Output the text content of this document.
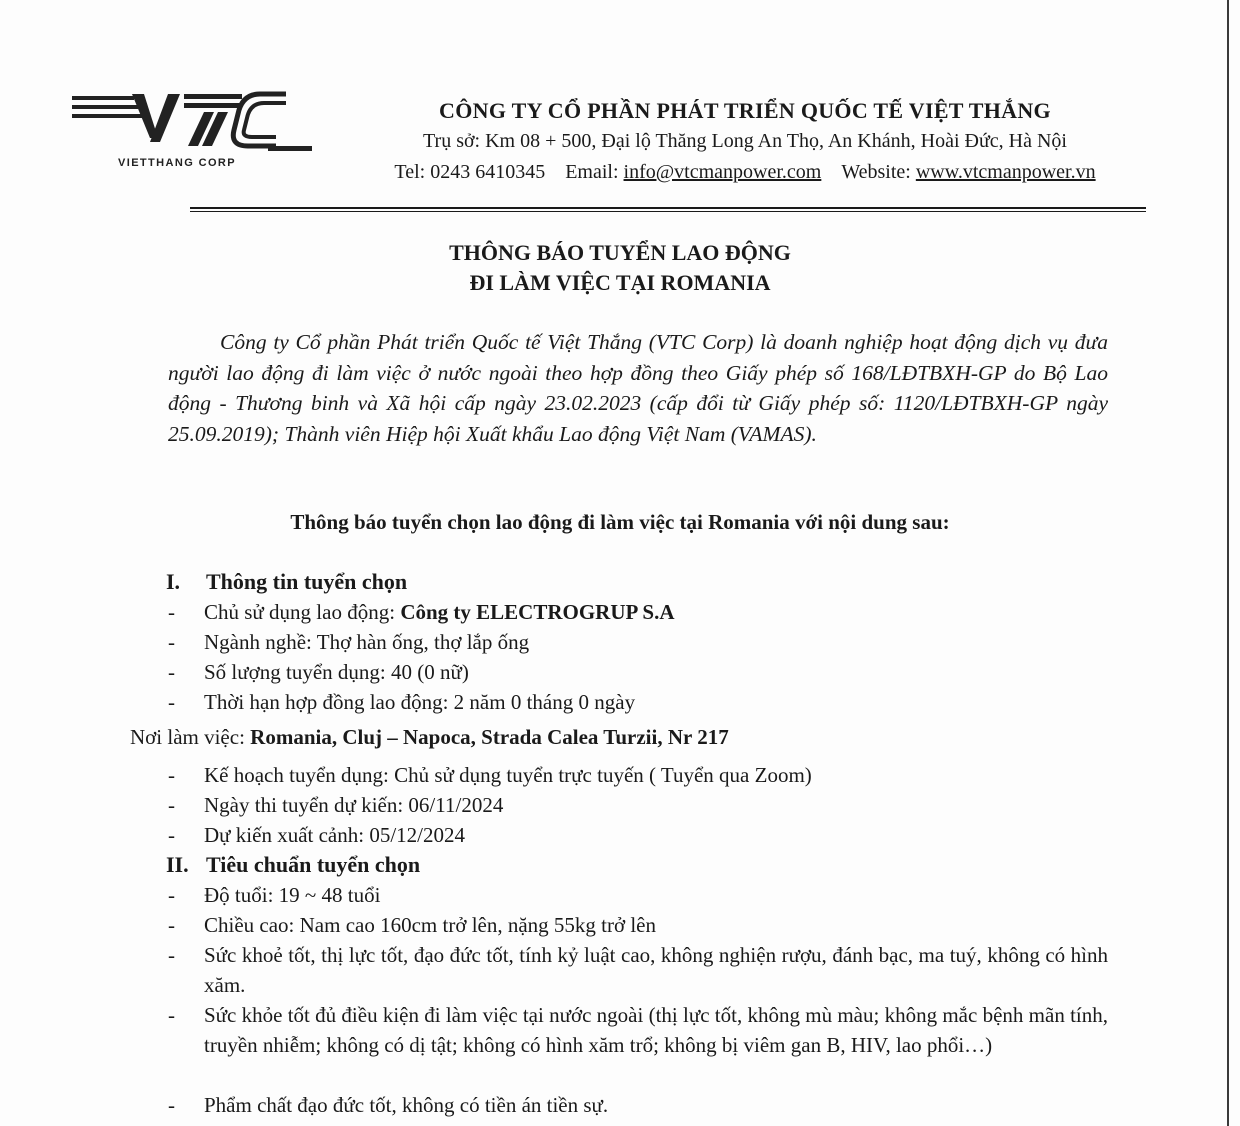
VIETTHANG CORP
CÔNG TY CỔ PHẦN PHÁT TRIỂN QUỐC TẾ VIỆT THẮNG
Trụ sở: Km 08 + 500, Đại lộ Thăng Long An Thọ, An Khánh, Hoài Đức, Hà Nội
Tel: 0243 6410345 Email: info@vtcmanpower.com Website: www.vtcmanpower.vn
THÔNG BÁO TUYỂN LAO ĐỘNG
ĐI LÀM VIỆC TẠI ROMANIA
Công ty Cổ phần Phát triển Quốc tế Việt Thắng (VTC Corp) là doanh nghiệp hoạt động dịch vụ đưa người lao động đi làm việc ở nước ngoài theo hợp đồng theo Giấy phép số 168/LĐTBXH-GP do Bộ Lao động - Thương binh và Xã hội cấp ngày 23.02.2023 (cấp đổi từ Giấy phép số: 1120/LĐTBXH-GP ngày 25.09.2019); Thành viên Hiệp hội Xuất khẩu Lao động Việt Nam (VAMAS).
Thông báo tuyển chọn lao động đi làm việc tại Romania với nội dung sau:
I. Thông tin tuyển chọn
-	Chủ sử dụng lao động: Công ty ELECTROGRUP S.A
-	Ngành nghề: Thợ hàn ống, thợ lắp ống
-	Số lượng tuyển dụng: 40 (0 nữ)
-	Thời hạn hợp đồng lao động: 2 năm 0 tháng 0 ngày
Nơi làm việc: Romania, Cluj – Napoca, Strada Calea Turzii, Nr 217
-	Kế hoạch tuyển dụng: Chủ sử dụng tuyển trực tuyến ( Tuyển qua Zoom)
-	Ngày thi tuyển dự kiến: 06/11/2024
-	Dự kiến xuất cảnh: 05/12/2024
II. Tiêu chuẩn tuyển chọn
-	Độ tuổi: 19 ~ 48 tuổi
-	Chiều cao: Nam cao 160cm trở lên, nặng 55kg trở lên
-	Sức khoẻ tốt, thị lực tốt, đạo đức tốt, tính kỷ luật cao, không nghiện rượu, đánh bạc, ma tuý, không có hình xăm.
-	Sức khỏe tốt đủ điều kiện đi làm việc tại nước ngoài (thị lực tốt, không mù màu; không mắc bệnh mãn tính, truyền nhiễm; không có dị tật; không có hình xăm trổ; không bị viêm gan B, HIV, lao phổi…)
-	Phẩm chất đạo đức tốt, không có tiền án tiền sự.
